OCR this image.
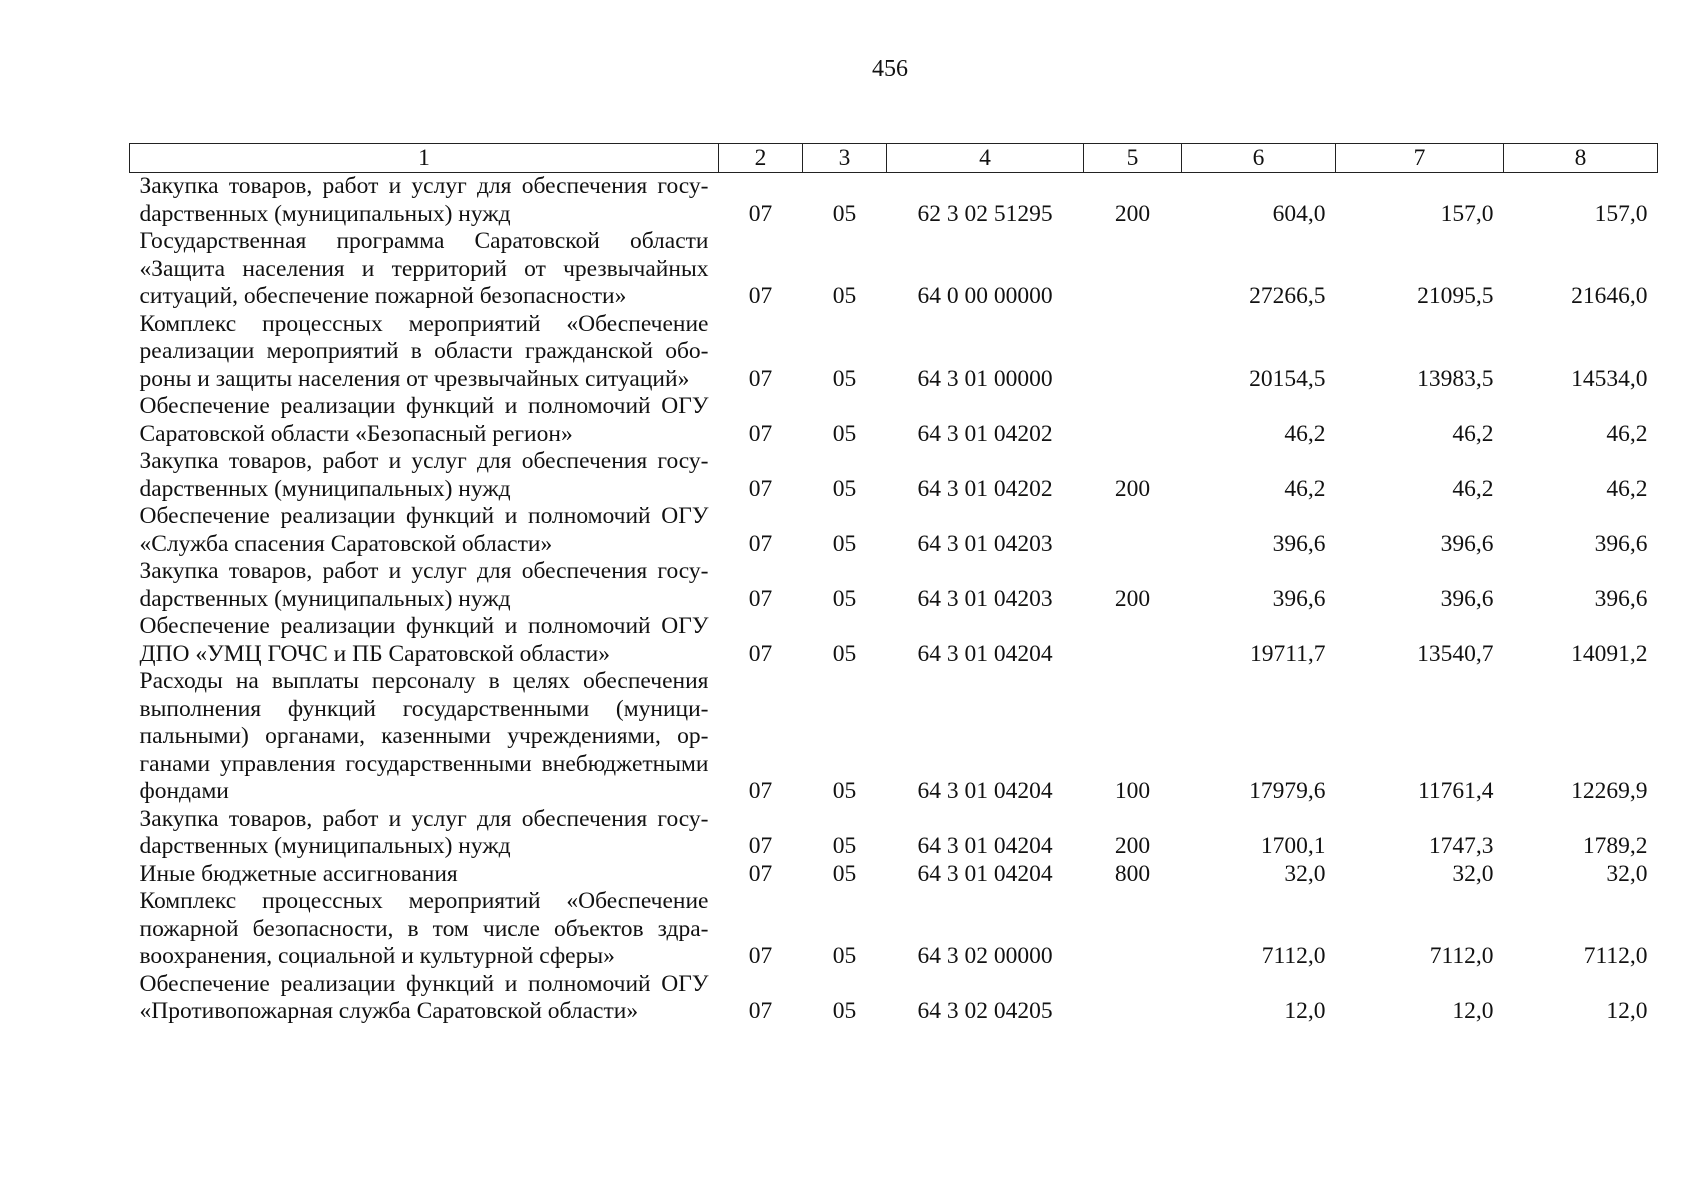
456
1	2	3	4	5	6	7	8
Закупка товаров, работ и услуг для обеспечения госуdарственных (муниципальных) нужд	07	05	62 3 02 51295	200	604,0	157,0	157,0
Государственная программа Саратовской области «Защита населения и территорий от чрезвычайных ситуаций, обеспечение пожарной безопасности»	07	05	64 0 00 00000		27266,5	21095,5	21646,0
Комплекс процессных мероприятий «Обеспечение реализации мероприятий в области гражданской обороны и защиты населения от чрезвычайных ситуаций»	07	05	64 3 01 00000		20154,5	13983,5	14534,0
Обеспечение реализации функций и полномочий ОГУ Саратовской области «Безопасный регион»	07	05	64 3 01 04202		46,2	46,2	46,2
Закупка товаров, работ и услуг для обеспечения госуdарственных (муниципальных) нужд	07	05	64 3 01 04202	200	46,2	46,2	46,2
Обеспечение реализации функций и полномочий ОГУ «Служба спасения Саратовской области»	07	05	64 3 01 04203		396,6	396,6	396,6
Закупка товаров, работ и услуг для обеспечения госуdарственных (муниципальных) нужд	07	05	64 3 01 04203	200	396,6	396,6	396,6
Обеспечение реализации функций и полномочий ОГУ ДПО «УМЦ ГОЧС и ПБ Саратовской области»	07	05	64 3 01 04204		19711,7	13540,7	14091,2
Расходы на выплаты персоналу в целях обеспечения выполнения функций государственными (муниципальными) органами, казенными учреждениями, органами управления государственными внебюджетными фондами	07	05	64 3 01 04204	100	17979,6	11761,4	12269,9
Закупка товаров, работ и услуг для обеспечения госуdарственных (муниципальных) нужд	07	05	64 3 01 04204	200	1700,1	1747,3	1789,2
Иные бюджетные ассигнования	07	05	64 3 01 04204	800	32,0	32,0	32,0
Комплекс процессных мероприятий «Обеспечение пожарной безопасности, в том числе объектов здравоохранения, социальной и культурной сферы»	07	05	64 3 02 00000		7112,0	7112,0	7112,0
Обеспечение реализации функций и полномочий ОГУ «Противопожарная служба Саратовской области»	07	05	64 3 02 04205		12,0	12,0	12,0
